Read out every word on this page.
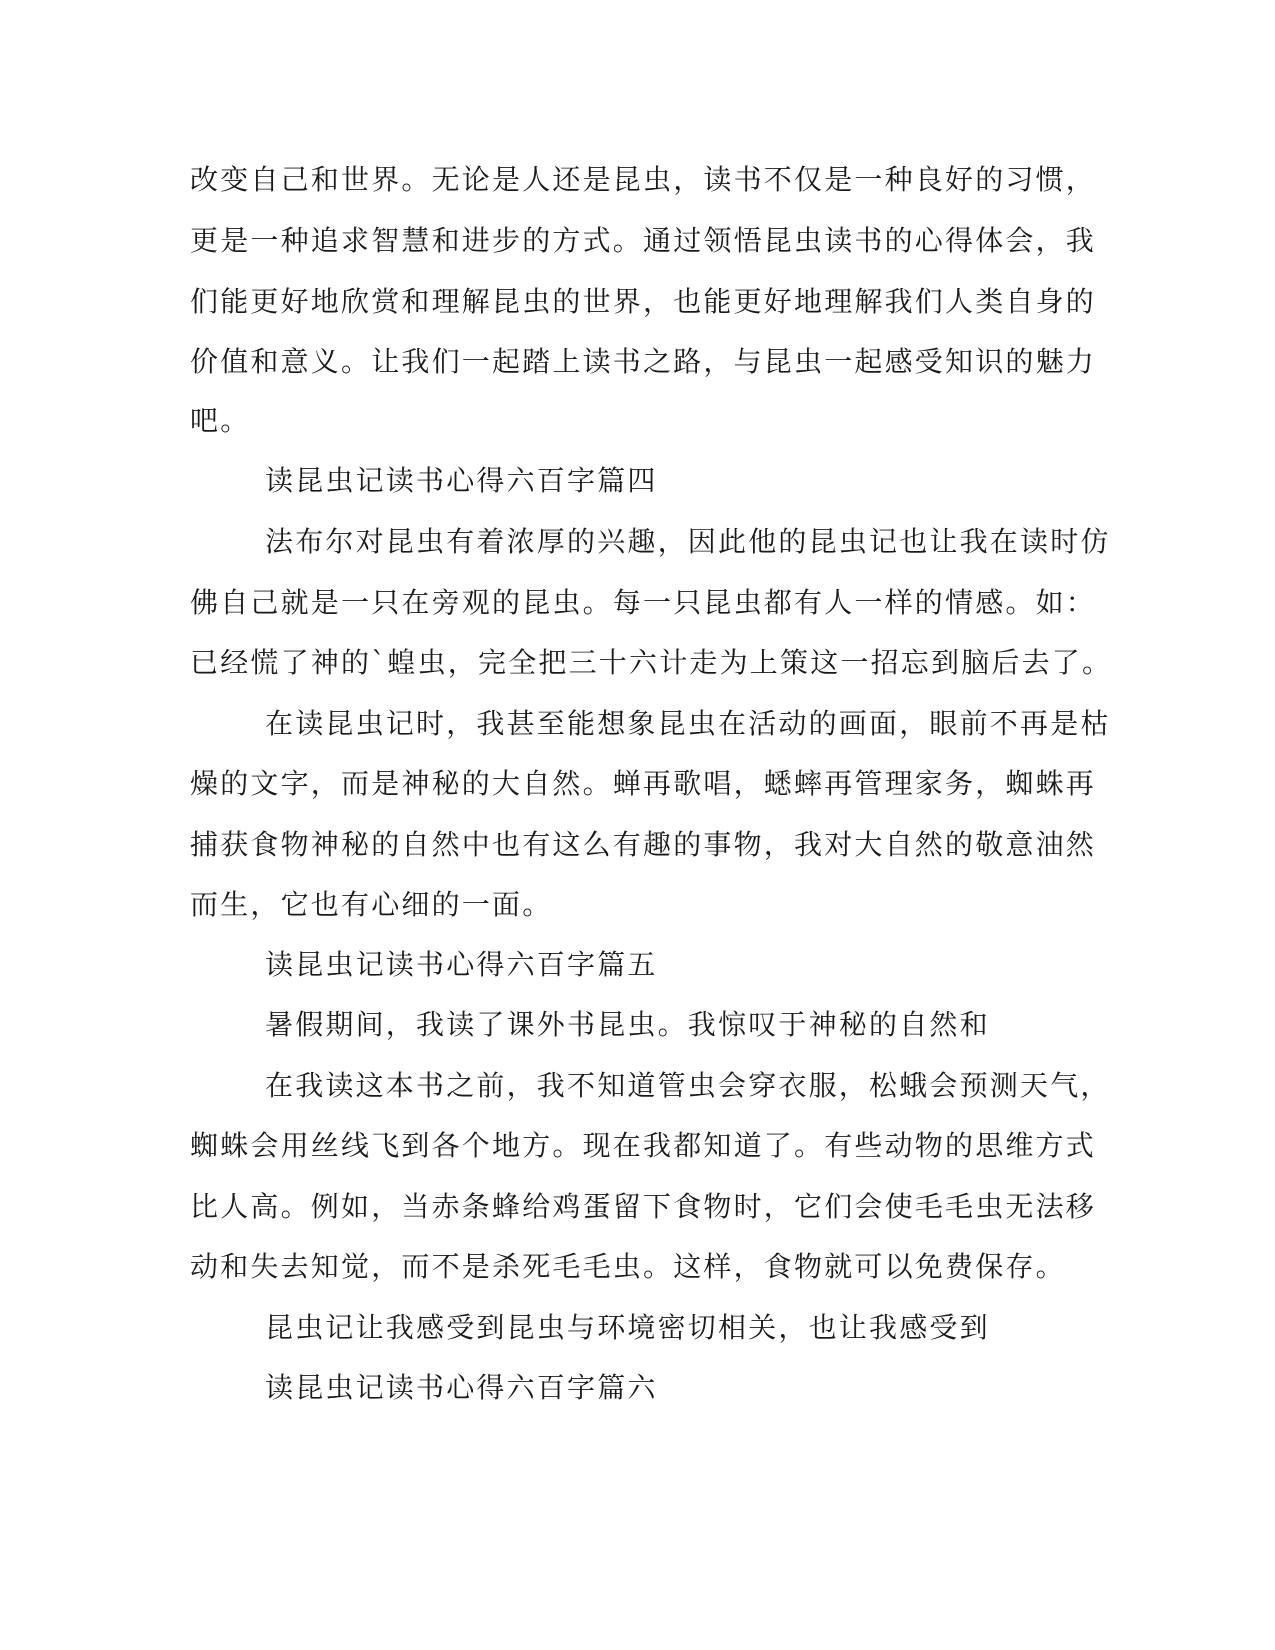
改变自己和世界。无论是人还是昆虫，读书不仅是一种良好的习惯，
更是一种追求智慧和进步的方式。通过领悟昆虫读书的心得体会，我
们能更好地欣赏和理解昆虫的世界，也能更好地理解我们人类自身的
价值和意义。让我们一起踏上读书之路，与昆虫一起感受知识的魅力
吧。
读昆虫记读书心得六百字篇四
法布尔对昆虫有着浓厚的兴趣，因此他的昆虫记也让我在读时仿
佛自己就是一只在旁观的昆虫。每一只昆虫都有人一样的情感。如：
已经慌了神的`蝗虫，完全把三十六计走为上策这一招忘到脑后去了。
在读昆虫记时，我甚至能想象昆虫在活动的画面，眼前不再是枯
燥的文字，而是神秘的大自然。蝉再歌唱，蟋蟀再管理家务，蜘蛛再
捕获食物神秘的自然中也有这么有趣的事物，我对大自然的敬意油然
而生，它也有心细的一面。
读昆虫记读书心得六百字篇五
暑假期间，我读了课外书昆虫。我惊叹于神秘的自然和
在我读这本书之前，我不知道管虫会穿衣服，松蛾会预测天气，
蜘蛛会用丝线飞到各个地方。现在我都知道了。有些动物的思维方式
比人高。例如，当赤条蜂给鸡蛋留下食物时，它们会使毛毛虫无法移
动和失去知觉，而不是杀死毛毛虫。这样，食物就可以免费保存。
昆虫记让我感受到昆虫与环境密切相关，也让我感受到
读昆虫记读书心得六百字篇六
